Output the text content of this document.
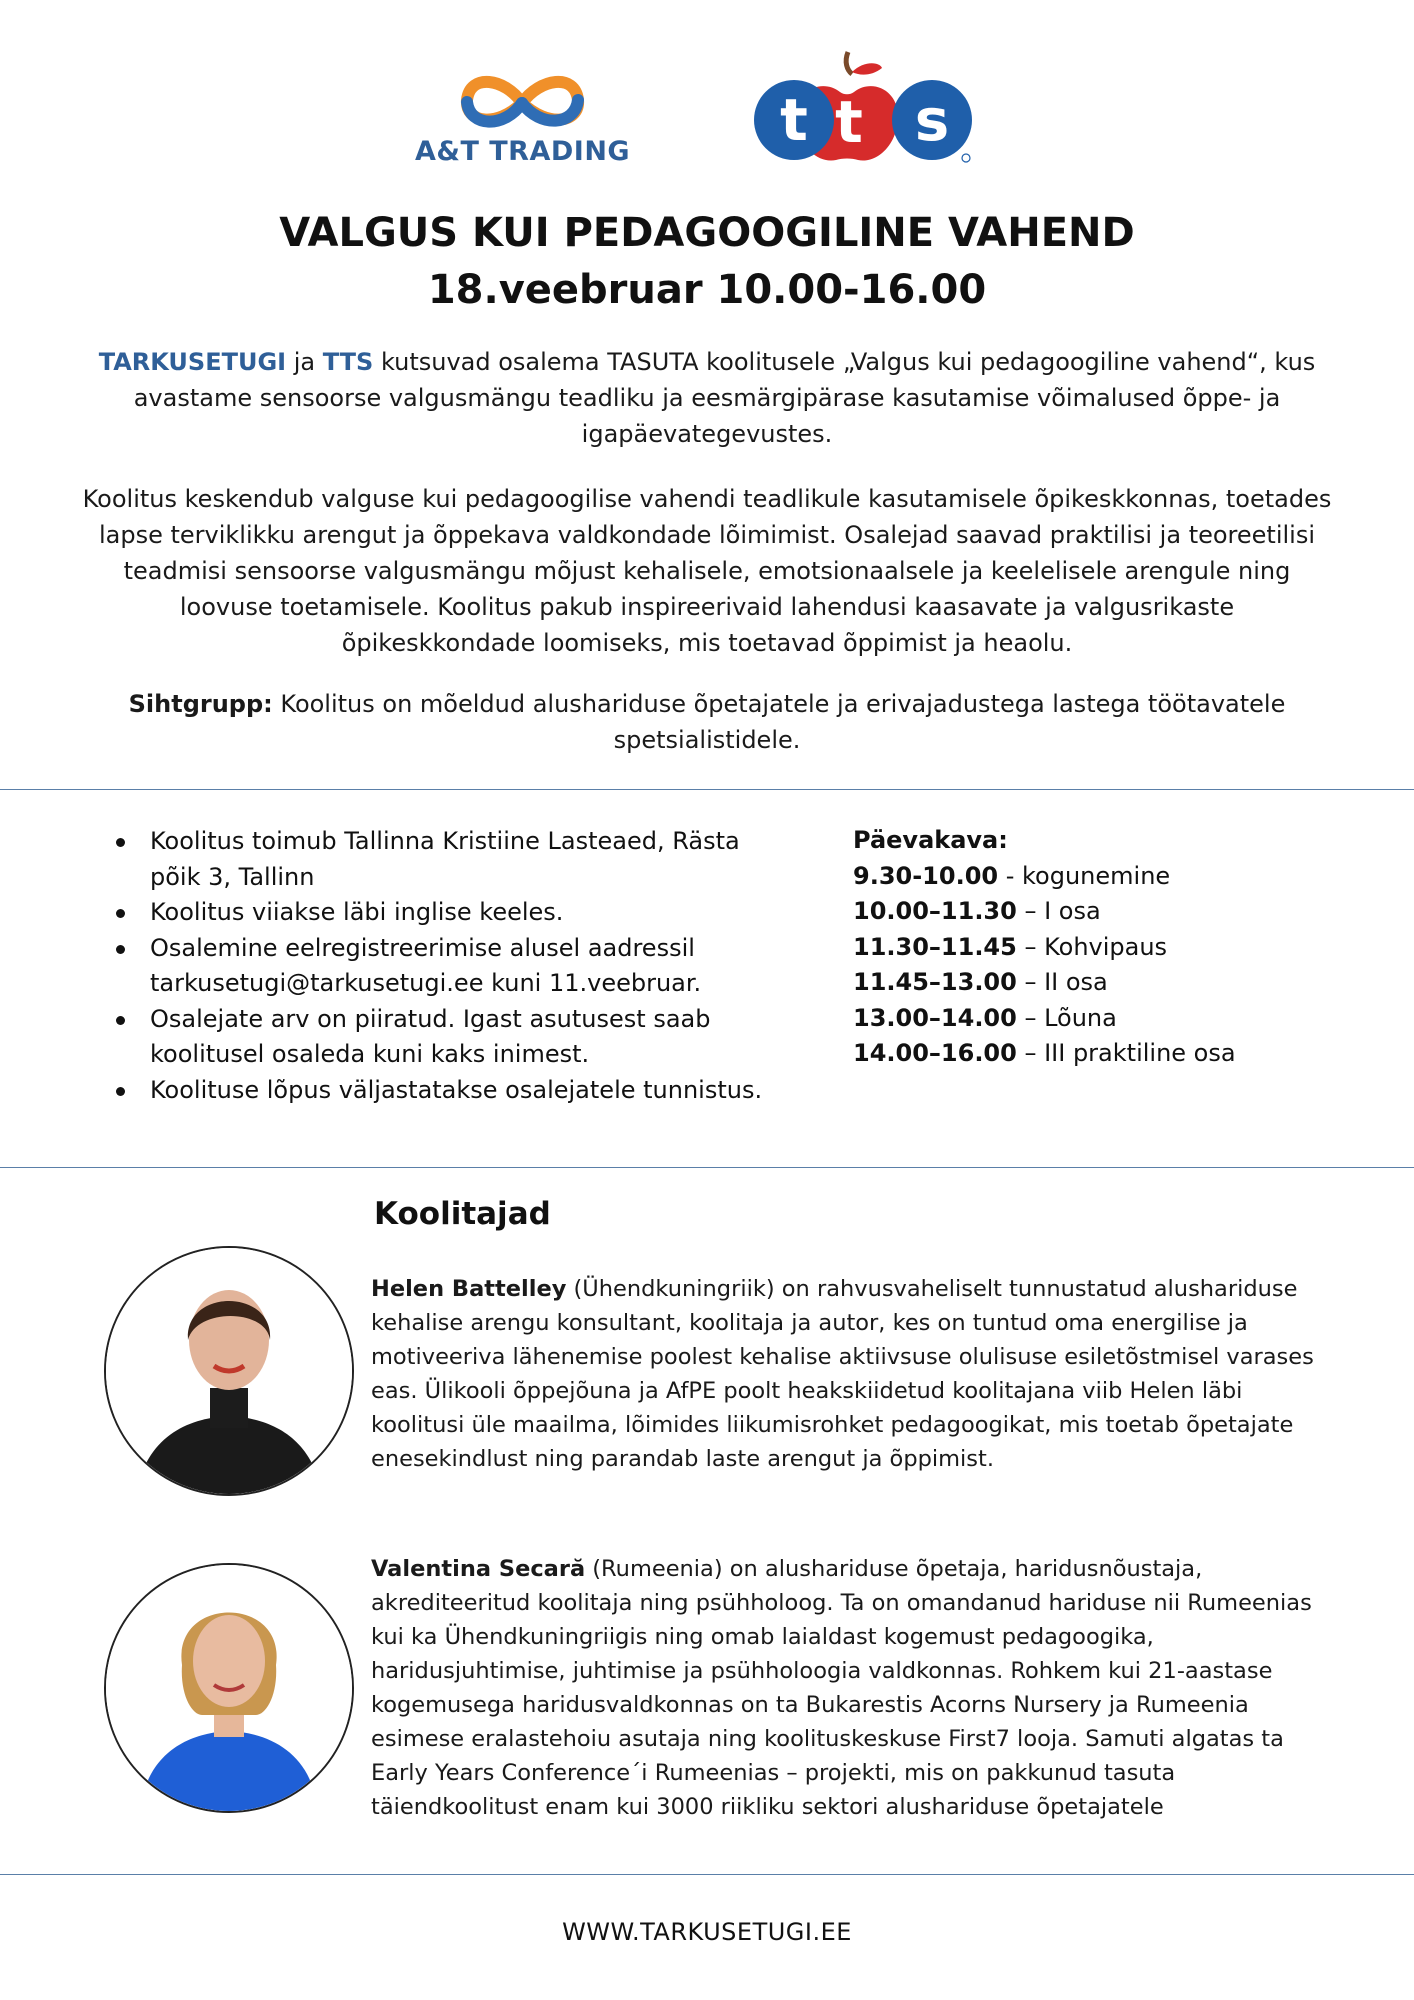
A&T TRADING	t t s
VALGUS KUI PEDAGOOGILINE VAHEND
18.veebruar 10.00-16.00
TARKUSETUGI ja TTS kutsuvad osalema TASUTA koolitusele „Valgus kui pedagoogiline vahend“, kus avastame sensoorse valgusmängu teadliku ja eesmärgipärase kasutamise võimalused õppe- ja igapäevategevustes.
Koolitus keskendub valguse kui pedagoogilise vahendi teadlikule kasutamisele õpikeskkonnas, toetades lapse terviklikku arengut ja õppekava valdkondade lõimimist. Osalejad saavad praktilisi ja teoreetilisi teadmisi sensoorse valgusmängu mõjust kehalisele, emotsionaalsele ja keelelisele arengule ning loovuse toetamisele. Koolitus pakub inspireerivaid lahendusi kaasavate ja valgusrikaste õpikeskkondade loomiseks, mis toetavad õppimist ja heaolu.
Sihtgrupp: Koolitus on mõeldud alushariduse õpetajatele ja erivajadustega lastega töötavatele spetsialistidele.
Koolitus toimub Tallinna Kristiine Lasteaed, Rästa põik 3, Tallinn
Koolitus viiakse läbi inglise keeles.
Osalemine eelregistreerimise alusel aadressil tarkusetugi@tarkusetugi.ee kuni 11.veebruar.
Osalejate arv on piiratud. Igast asutusest saab koolitusel osaleda kuni kaks inimest.
Koolituse lõpus väljastatakse osalejatele tunnistus.
Päevakava:
9.30-10.00 - kogunemine
10.00–11.30 – I osa
11.30–11.45 – Kohvipaus
11.45–13.00 – II osa
13.00–14.00 – Lõuna
14.00–16.00 – III praktiline osa
Koolitajad
Helen Battelley (Ühendkuningriik) on rahvusvaheliselt tunnustatud alushariduse kehalise arengu konsultant, koolitaja ja autor, kes on tuntud oma energilise ja motiveeriva lähenemise poolest kehalise aktiivsuse olulisuse esiletõstmisel varases eas. Ülikooli õppejõuna ja AfPE poolt heakskiidetud koolitajana viib Helen läbi koolitusi üle maailma, lõimides liikumisrohket pedagoogikat, mis toetab õpetajate enesekindlust ning parandab laste arengut ja õppimist.
Valentina Secară (Rumeenia) on alushariduse õpetaja, haridusnõustaja, akrediteeritud koolitaja ning psühholoog. Ta on omandanud hariduse nii Rumeenias kui ka Ühendkuningriigis ning omab laialdast kogemust pedagoogika, haridusjuhtimise, juhtimise ja psühholoogia valdkonnas. Rohkem kui 21-aastase kogemusega haridusvaldkonnas on ta Bukarestis Acorns Nursery ja Rumeenia esimese eralastehoiu asutaja ning koolituskeskuse First7 looja. Samuti algatas ta Early Years Conference´i Rumeenias – projekti, mis on pakkunud tasuta täiendkoolitust enam kui 3000 riikliku sektori alushariduse õpetajatele
WWW.TARKUSETUGI.EE
